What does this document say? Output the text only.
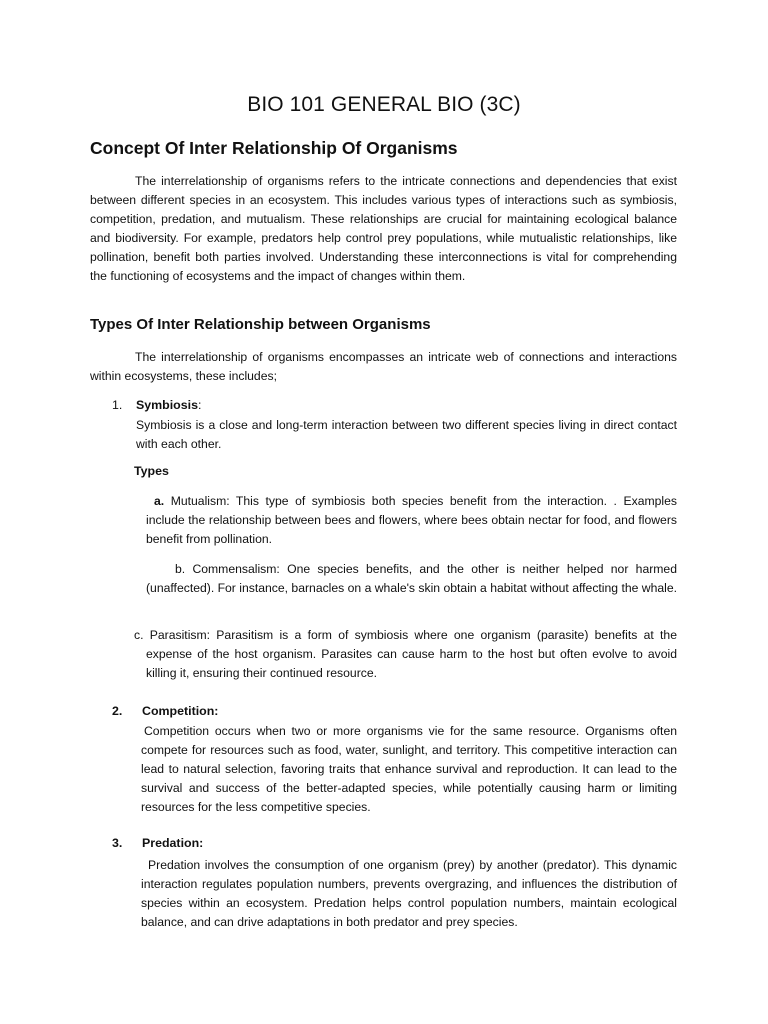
BIO 101 GENERAL BIO (3C)
Concept Of Inter Relationship Of Organisms

The interrelationship of organisms refers to the intricate connections and dependencies that exist between different species in an ecosystem. This includes various types of interactions such as symbiosis, competition, predation, and mutualism. These relationships are crucial for maintaining ecological balance and biodiversity. For example, predators help control prey populations, while mutualistic relationships, like pollination, benefit both parties involved. Understanding these interconnections is vital for comprehending the functioning of ecosystems and the impact of changes within them.

Types Of Inter Relationship between Organisms

The interrelationship of organisms encompasses an intricate web of connections and interactions within ecosystems, these includes;

1. Symbiosis:

Symbiosis is a close and long-term interaction between two different species living in direct contact with each other.

Types

a. Mutualism: This type of symbiosis both species benefit from the interaction. . Examples include the relationship between bees and flowers, where bees obtain nectar for food, and flowers benefit from pollination.

b. Commensalism: One species benefits, and the other is neither helped nor harmed (unaffected). For instance, barnacles on a whale's skin obtain a habitat without affecting the whale.

c. Parasitism: Parasitism is a form of symbiosis where one organism (parasite) benefits at the expense of the host organism. Parasites can cause harm to the host but often evolve to avoid killing it, ensuring their continued resource.

2. Competition:

Competition occurs when two or more organisms vie for the same resource. Organisms often compete for resources such as food, water, sunlight, and territory. This competitive interaction can lead to natural selection, favoring traits that enhance survival and reproduction. It can lead to the survival and success of the better-adapted species, while potentially causing harm or limiting resources for the less competitive species.

3. Predation:

Predation involves the consumption of one organism (prey) by another (predator). This dynamic interaction regulates population numbers, prevents overgrazing, and influences the distribution of species within an ecosystem. Predation helps control population numbers, maintain ecological balance, and can drive adaptations in both predator and prey species.
